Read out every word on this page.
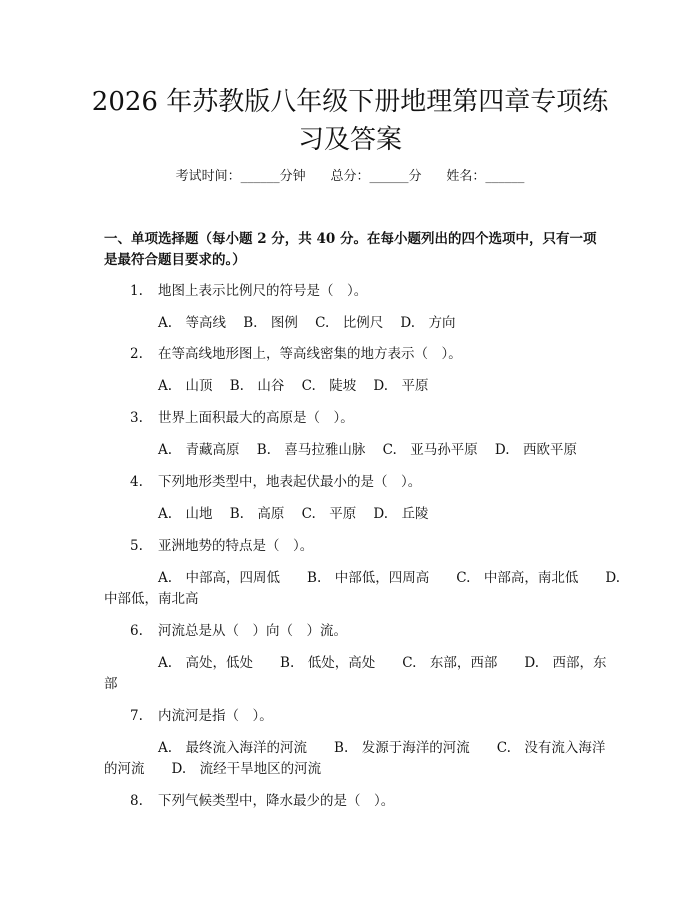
2026 年苏教版八年级下册地理第四章专项练
习及答案
考试时间：______分钟 总分：______分 姓名：______
一、单项选择题（每小题 2 分，共 40 分。在每小题列出的四个选项中，只有一项
是最符合题目要求的。）
1. 地图上表示比例尺的符号是（　）。
A.　等高线 B.　图例 C.　比例尺 D.　方向
2. 在等高线地形图上，等高线密集的地方表示（　）。
A.　山顶 B.　山谷 C.　陡坡 D.　平原
3. 世界上面积最大的高原是（　）。
A.　青藏高原 B.　喜马拉雅山脉 C.　亚马孙平原 D.　西欧平原
4. 下列地形类型中，地表起伏最小的是（　）。
A.　山地 B.　高原 C.　平原 D.　丘陵
5. 亚洲地势的特点是（　）。
A.　中部高，四周低　　B.　中部低，四周高　　C.　中部高，南北低　　D.
中部低，南北高
6. 河流总是从（　）向（　）流。
A.　高处，低处　　B.　低处，高处　　C.　东部，西部　　D.　西部，东
部
7. 内流河是指（　）。
A.　最终流入海洋的河流　　B.　发源于海洋的河流　　C.　没有流入海洋
的河流　　D.　流经干旱地区的河流
8. 下列气候类型中，降水最少的是（　）。
